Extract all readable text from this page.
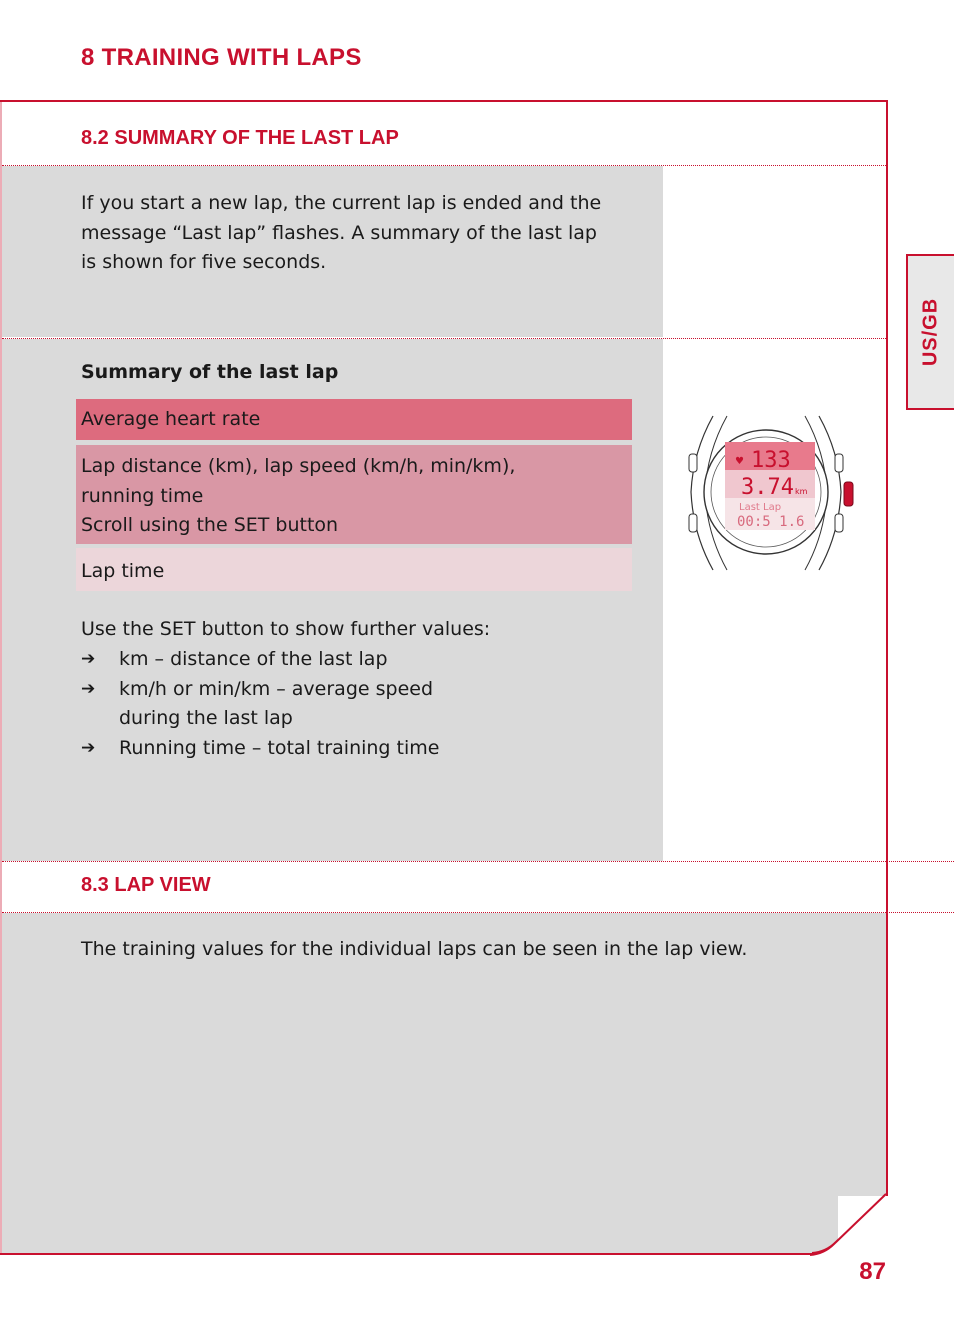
8 TRAINING WITH LAPS
8.2 SUMMARY OF THE LAST LAP
If you start a new lap, the current lap is ended and the
message “Last lap” flashes. A summary of the last lap
is shown for five seconds.
Summary of the last lap
Average heart rate
Lap distance (km), lap speed (km/h, min/km),
running time
Scroll using the SET button
Lap time
Use the SET button to show further values:
➔ km – distance of the last lap
➔ km/h or min/km – average speed
during the last lap
➔ Running time – total training time
♥ 133
3.74 km
Last Lap
00:5 1.6
8.3 LAP VIEW
The training values for the individual laps can be seen in the lap view.
US/GB
87
